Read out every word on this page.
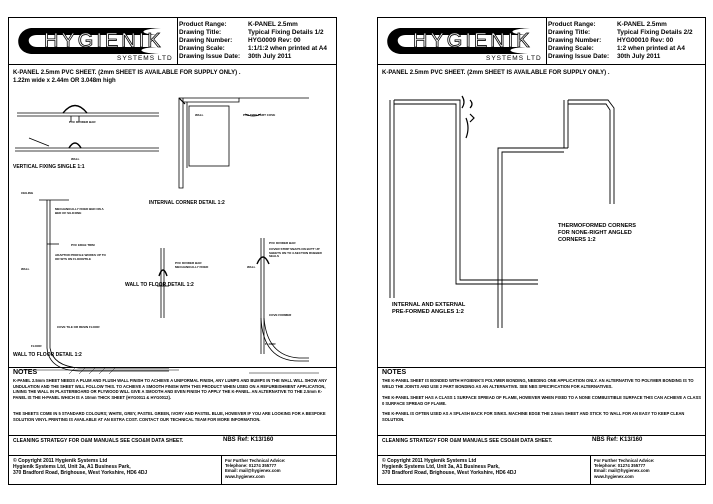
HYGIENIK
SYSTEMS LTD
Product Range:	K-PANEL 2.5mm
Drawing Title:	Typical Fixing Details 1/2
Drawing Number:	HYG0009 Rev: 00
Drawing Scale:	1:1/1:2 when printed at A4
Drawing Issue Date:	30th July 2011
K-PANEL 2.5mm PVC SHEET. (2mm SHEET IS AVAILABLE FOR SUPPLY ONLY) .
1.22m wide x 2.44m OR 3.048m high
PVC DIVIDER BAR
WALL
VERTICAL FIXING SINGLE 1:1
WALL	PVC TWO-PART COVE
INTERNAL CORNER DETAIL 1:2
CEILING
MECHANICALLY FIXED BED ON A BED OF SILICONE
PVC EDGE TRIM
ADAPTOR PROFILE WORKS UP TO OR SITS ON FLOOR/TILE
WALL
PVC DIVIDER BAR MECHANICALLY FIXED
WALL TO FLOOR DETAIL 1:2
PVC DIVIDER BAR
COVER STRIP SNAPS ON BUTT UP SHEETS ON TO 3-SECTION RUBBER SEALS
WALL
COVE FORMER
COVE TILE OR RESIN FLOOR
FLOOR	FLOOR
WALL TO FLOOR DETAIL 1:2
NOTES
K-PANEL 2.5mm SHEET NEEDS A PLUM AND FLUSH WALL FINISH TO ACHIEVE A UNIFORMAL FINISH, ANY LUMPS AND BUMPS IN THE WALL WILL SHOW ANY UNDULATION AND THE SHEET WILL FOLLOW THIS. TO ACHIEVE A SMOOTH FINISH WITH THIS PRODUCT WHEN USED ON A REFURBISHMENT APPLICATION, LINING THE WALL IN PLASTERBOARD OR PLYWOOD WILL GIVE A SMOOTH AND EVEN FINISH TO APPLY THE K-PANEL. AN ALTERNATIVE TO THE 2.5mm K-PANEL IS THE H-PANEL WHICH IS A 10mm THICK SHEET (HYG0011 & HYG0012).
THE SHEETS COME IN 5 STANDARD COLOURS; WHITE, GREY, PASTEL GREEN, IVORY AND PASTEL BLUE, HOWEVER IF YOU ARE LOOKING FOR A BESPOKE SOLUTION VINYL PRINTING IS AVAILABLE AT AN EXTRA COST. CONTACT OUR TECHNICAL TEAM FOR MORE INFORMATION.
CLEANING STRATEGY FOR O&M MANUALS SEE CSO&M DATA SHEET.	NBS Ref: K13/160
© Copyright 2011 Hygienik Systems Ltd
Hygienik Systems Ltd, Unit 3a, A1 Business Park,
370 Bradford Road, Brighouse, West Yorkshire, HD6 4DJ
For Further Technical Advice:
Telephone: 01274 355777
Email: mail@hygienex.com
www.hygienex.com
HYGIENIK
SYSTEMS LTD
Product Range:	K-PANEL 2.5mm
Drawing Title:	Typical Fixing Details 2/2
Drawing Number:	HYG00010 Rev: 00
Drawing Scale:	1:2 when printed at A4
Drawing Issue Date:	30th July 2011
K-PANEL 2.5mm PVC SHEET. (2mm SHEET IS AVAILABLE FOR SUPPLY ONLY) .
THERMOFORMED CORNERS
FOR NONE-RIGHT ANGLED
CORNERS 1:2
INTERNAL AND EXTERNAL
PRE-FORMED ANGLES 1:2
NOTES
THE K-PANEL SHEET IS BONDED WITH HYGIENIK'S POLYMER BONDING, NEEDING ONE APPLICATION ONLY. AN ALTERNATIVE TO POLYMER BONDING IS TO WELD THE JOINTS AND USE 2 PART BONDING AS AN ALTERNATIVE. SEE NBS SPECIFICATION FOR ALTERNATIVES.
THE K-PANEL SHEET HAS A CLASS 1 SURFACE SPREAD OF FLAME, HOWEVER WHEN FIXED TO A NONE COMBUSTIBLE SURFACE THIS CAN ACHIEVE A CLASS 0 SURFACE SPREAD OF FLAME.
THE K-PANEL IS OFTEN USED AS A SPLASH BACK FOR SINKS. MACHINE EDGE THE 2.5mm SHEET AND STICK TO WALL FOR AN EASY TO KEEP CLEAN SOLUTION.
CLEANING STRATEGY FOR O&M MANUALS SEE CSO&M DATA SHEET.	NBS Ref: K13/160
© Copyright 2011 Hygienik Systems Ltd
Hygienik Systems Ltd, Unit 3a, A1 Business Park,
370 Bradford Road, Brighouse, West Yorkshire, HD6 4DJ
For Further Technical Advice:
Telephone: 01274 355777
Email: mail@hygienex.com
www.hygienex.com
